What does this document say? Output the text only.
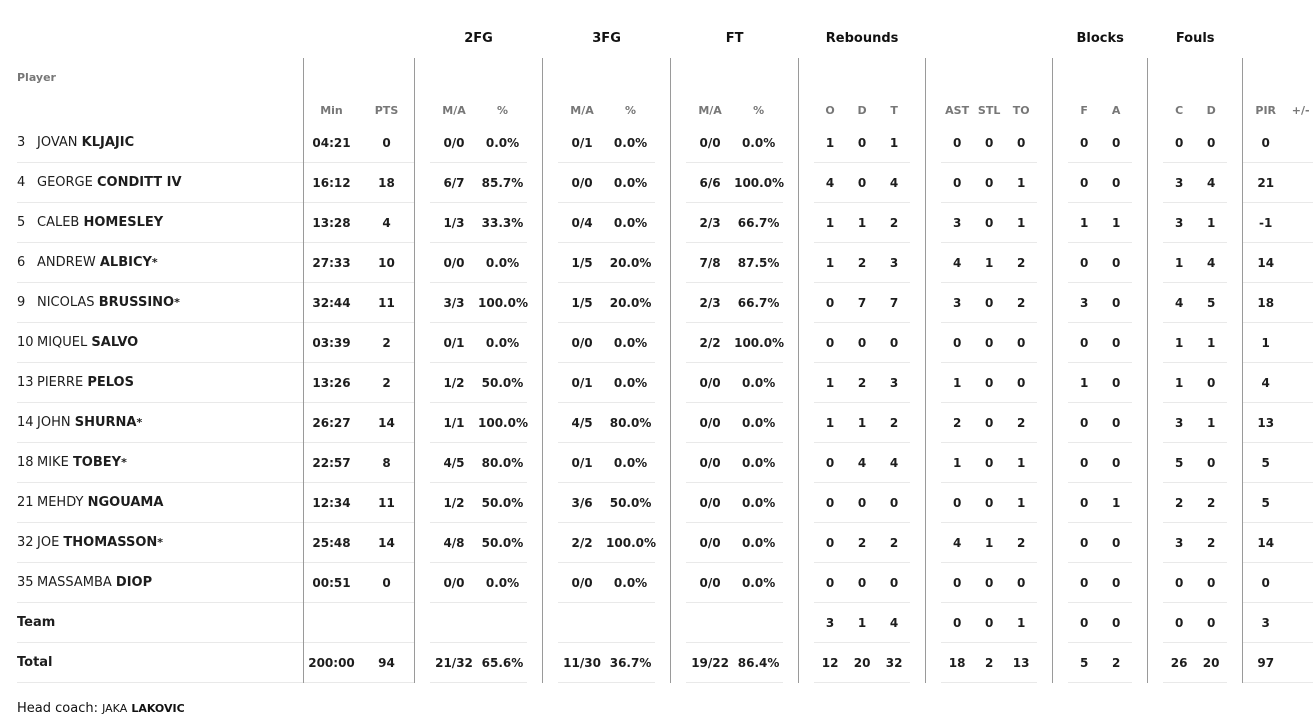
				2FG				3FG				FT				Rebounds										Blocks				Fouls					
Player		Min	PTS			M/A	%				M/A	%				M/A	%				O	D	T				AST	STL	TO				F	A				C	D			PIR	+/-
3 JOVAN KLJAJIC		04:21	0			0/0	0.0%				0/1	0.0%				0/0	0.0%				1	0	1				0	0	0				0	0				0	0			0	
4 GEORGE CONDITT IV		16:12	18			6/7	85.7%				0/0	0.0%				6/6	100.0%				4	0	4				0	0	1				0	0				3	4			21	
5 CALEB HOMESLEY		13:28	4			1/3	33.3%				0/4	0.0%				2/3	66.7%				1	1	2				3	0	1				1	1				3	1			-1	
6 ANDREW ALBICY*		27:33	10			0/0	0.0%				1/5	20.0%				7/8	87.5%				1	2	3				4	1	2				0	0				1	4			14	
9 NICOLAS BRUSSINO*		32:44	11			3/3	100.0%				1/5	20.0%				2/3	66.7%				0	7	7				3	0	2				3	0				4	5			18	
10 MIQUEL SALVO		03:39	2			0/1	0.0%				0/0	0.0%				2/2	100.0%				0	0	0				0	0	0				0	0				1	1			1	
13 PIERRE PELOS		13:26	2			1/2	50.0%				0/1	0.0%				0/0	0.0%				1	2	3				1	0	0				1	0				1	0			4	
14 JOHN SHURNA*		26:27	14			1/1	100.0%				4/5	80.0%				0/0	0.0%				1	1	2				2	0	2				0	0				3	1			13	
18 MIKE TOBEY*		22:57	8			4/5	80.0%				0/1	0.0%				0/0	0.0%				0	4	4				1	0	1				0	0				5	0			5	
21 MEHDY NGOUAMA		12:34	11			1/2	50.0%				3/6	50.0%				0/0	0.0%				0	0	0				0	0	1				0	1				2	2			5	
32 JOE THOMASSON*		25:48	14			4/8	50.0%				2/2	100.0%				0/0	0.0%				0	2	2				4	1	2				0	0				3	2			14	
35 MASSAMBA DIOP		00:51	0			0/0	0.0%				0/0	0.0%				0/0	0.0%				0	0	0				0	0	0				0	0				0	0			0	
Team																					3	1	4				0	0	1				0	0				0	0			3	
Total		200:00	94			21/32	65.6%				11/30	36.7%				19/22	86.4%				12	20	32				18	2	13				5	2				26	20			97	
Head coach: JAKA LAKOVIC
